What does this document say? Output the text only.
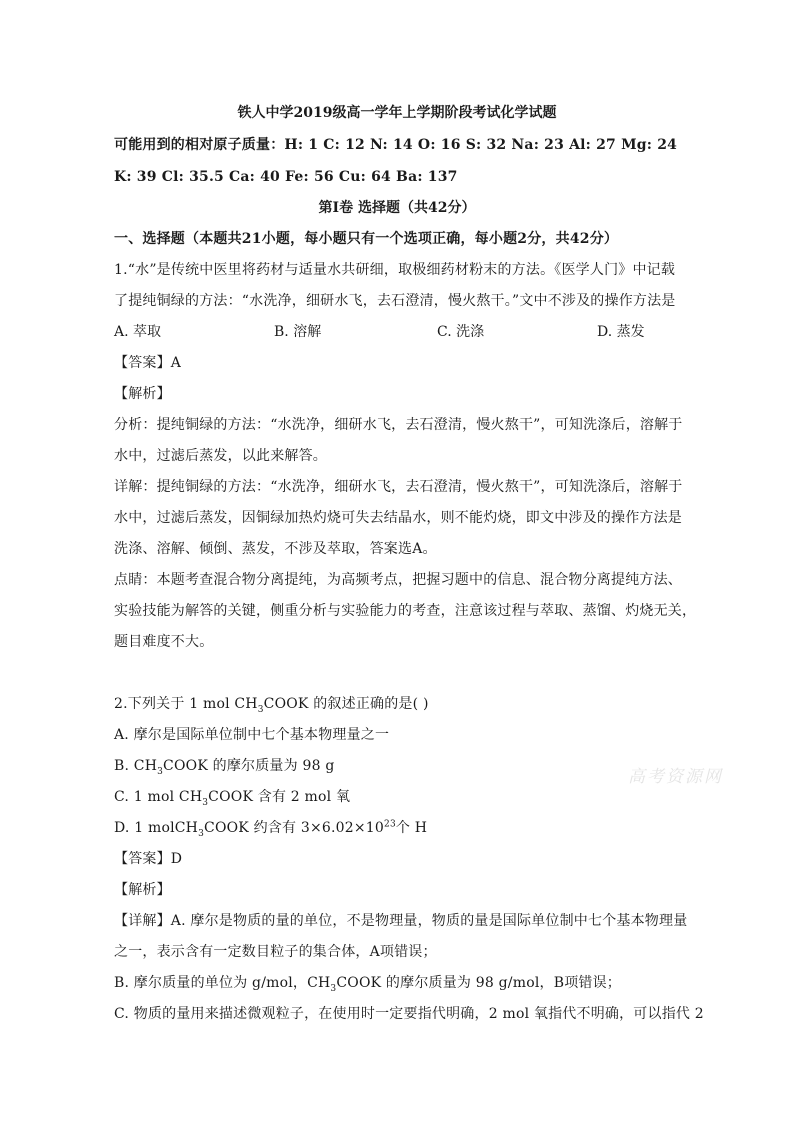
铁人中学2019级高一学年上学期阶段考试化学试题
可能用到的相对原子质量：H: 1 C: 12 N: 14 O: 16 S: 32 Na: 23 Al: 27 Mg: 24
K: 39 Cl: 35.5 Ca: 40 Fe: 56 Cu: 64 Ba: 137
第Ⅰ卷 选择题（共42分）
一、选择题（本题共21小题，每小题只有一个选项正确，每小题2分，共42分）
1.“水”是传统中医里将药材与适量水共研细，取极细药材粉末的方法。《医学人门》中记载
了提纯铜绿的方法：“水洗净，细研水飞，去石澄清，慢火熬干。”文中不涉及的操作方法是
A. 萃取	B. 溶解	C. 洗涤	D. 蒸发
【答案】A
【解析】
分析：提纯铜绿的方法：“水洗净，细研水飞，去石澄清，慢火熬干”，可知洗涤后，溶解于
水中，过滤后蒸发，以此来解答。
详解：提纯铜绿的方法：“水洗净，细研水飞，去石澄清，慢火熬干”，可知洗涤后，溶解于
水中，过滤后蒸发，因铜绿加热灼烧可失去结晶水，则不能灼烧，即文中涉及的操作方法是
洗涤、溶解、倾倒、蒸发，不涉及萃取，答案选A。
点睛：本题考查混合物分离提纯，为高频考点，把握习题中的信息、混合物分离提纯方法、
实验技能为解答的关键，侧重分析与实验能力的考查，注意该过程与萃取、蒸馏、灼烧无关，
题目难度不大。
2.下列关于 1 mol $CH_3COOK$ 的叙述正确的是( )
A. 摩尔是国际单位制中七个基本物理量之一
B. $CH_3COOK$ 的摩尔质量为 98 g
C. 1 mol $CH_3COOK$ 含有 2 mol 氧
D. 1 molCH$_3$COOK 约含有 $3\times 6.02\times 10^{23}$个 H
【答案】D
【解析】
【详解】A. 摩尔是物质的量的单位，不是物理量，物质的量是国际单位制中七个基本物理量
之一，表示含有一定数目粒子的集合体，A项错误；
B. 摩尔质量的单位为 g/mol，$CH_3COOK$ 的摩尔质量为 98 g/mol，B项错误；
C. 物质的量用来描述微观粒子，在使用时一定要指代明确，2 mol 氧指代不明确，可以指代 2
高考资源网
